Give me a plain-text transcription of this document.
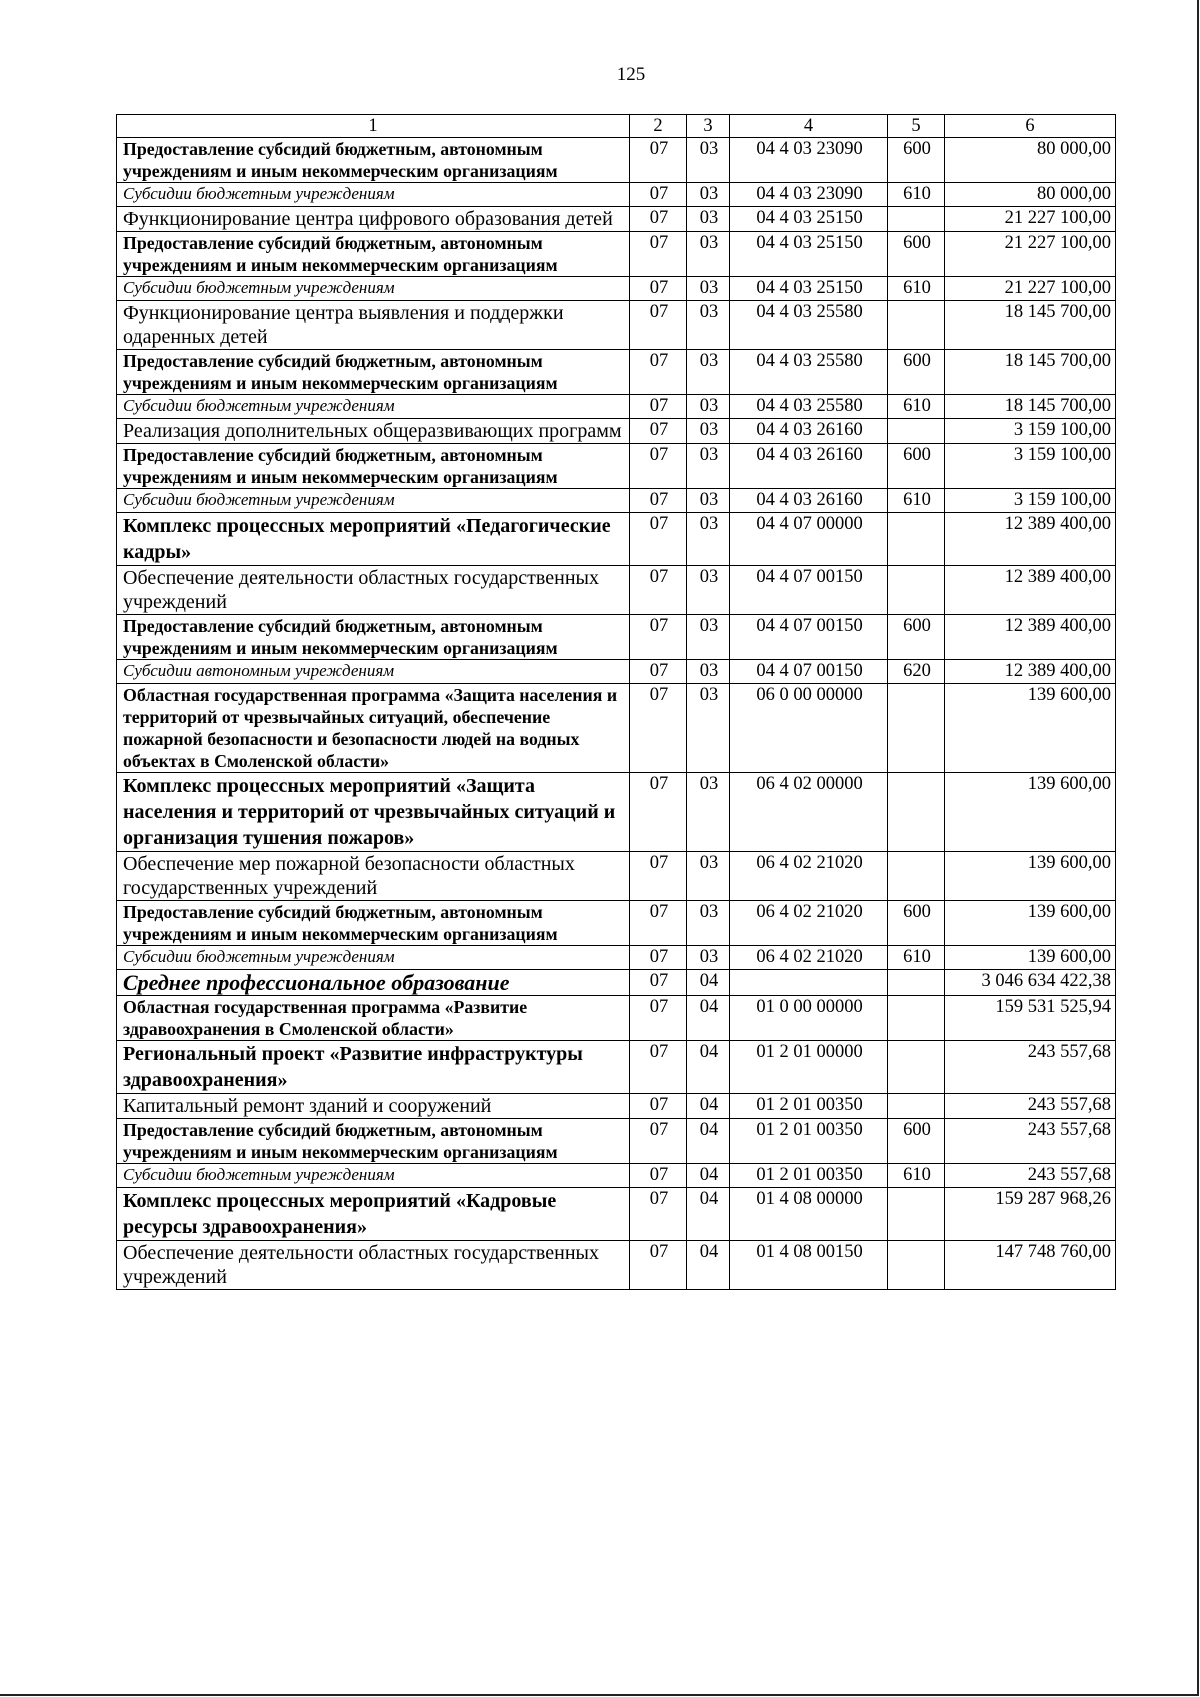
125
1	2	3	4	5	6
Предоставление субсидий бюджетным, автономным учреждениям и иным некоммерческим организациям	07	03	04 4 03 23090	600	80 000,00
Субсидии бюджетным учреждениям	07	03	04 4 03 23090	610	80 000,00
Функционирование центра цифрового образования детей	07	03	04 4 03 25150		21 227 100,00
Предоставление субсидий бюджетным, автономным учреждениям и иным некоммерческим организациям	07	03	04 4 03 25150	600	21 227 100,00
Субсидии бюджетным учреждениям	07	03	04 4 03 25150	610	21 227 100,00
Функционирование центра выявления и поддержки одаренных детей	07	03	04 4 03 25580		18 145 700,00
Предоставление субсидий бюджетным, автономным учреждениям и иным некоммерческим организациям	07	03	04 4 03 25580	600	18 145 700,00
Субсидии бюджетным учреждениям	07	03	04 4 03 25580	610	18 145 700,00
Реализация дополнительных общеразвивающих программ	07	03	04 4 03 26160		3 159 100,00
Предоставление субсидий бюджетным, автономным учреждениям и иным некоммерческим организациям	07	03	04 4 03 26160	600	3 159 100,00
Субсидии бюджетным учреждениям	07	03	04 4 03 26160	610	3 159 100,00
Комплекс процессных мероприятий «Педагогические кадры»	07	03	04 4 07 00000		12 389 400,00
Обеспечение деятельности областных государственных учреждений	07	03	04 4 07 00150		12 389 400,00
Предоставление субсидий бюджетным, автономным учреждениям и иным некоммерческим организациям	07	03	04 4 07 00150	600	12 389 400,00
Субсидии автономным учреждениям	07	03	04 4 07 00150	620	12 389 400,00
Областная государственная программа «Защита населения и территорий от чрезвычайных ситуаций, обеспечение пожарной безопасности и безопасности людей на водных объектах в Смоленской области»	07	03	06 0 00 00000		139 600,00
Комплекс процессных мероприятий «Защита населения и территорий от чрезвычайных ситуаций и организация тушения пожаров»	07	03	06 4 02 00000		139 600,00
Обеспечение мер пожарной безопасности областных государственных учреждений	07	03	06 4 02 21020		139 600,00
Предоставление субсидий бюджетным, автономным учреждениям и иным некоммерческим организациям	07	03	06 4 02 21020	600	139 600,00
Субсидии бюджетным учреждениям	07	03	06 4 02 21020	610	139 600,00
Среднее профессиональное образование	07	04			3 046 634 422,38
Областная государственная программа «Развитие здравоохранения в Смоленской области»	07	04	01 0 00 00000		159 531 525,94
Региональный проект «Развитие инфраструктуры здравоохранения»	07	04	01 2 01 00000		243 557,68
Капитальный ремонт зданий и сооружений	07	04	01 2 01 00350		243 557,68
Предоставление субсидий бюджетным, автономным учреждениям и иным некоммерческим организациям	07	04	01 2 01 00350	600	243 557,68
Субсидии бюджетным учреждениям	07	04	01 2 01 00350	610	243 557,68
Комплекс процессных мероприятий «Кадровые ресурсы здравоохранения»	07	04	01 4 08 00000		159 287 968,26
Обеспечение деятельности областных государственных учреждений	07	04	01 4 08 00150		147 748 760,00
